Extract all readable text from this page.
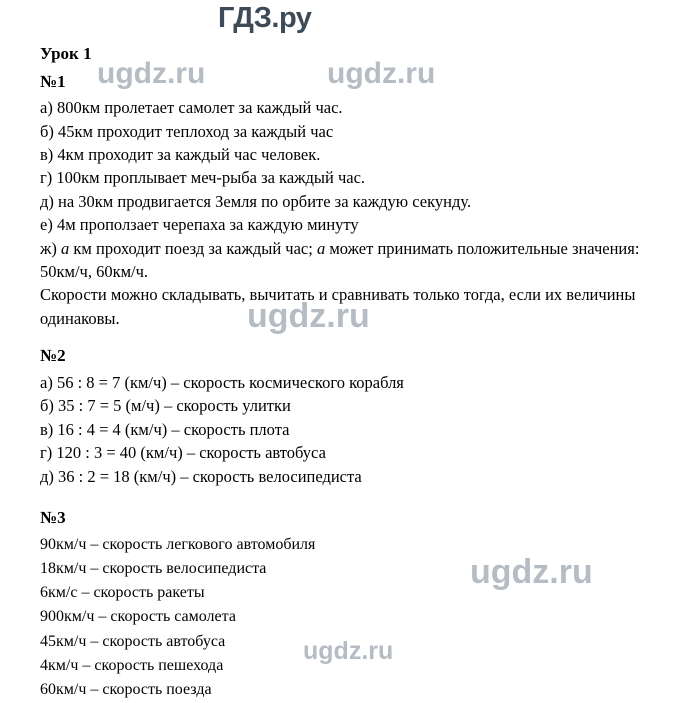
ГДЗ.ру
ugdz.ru	ugdz.ru
ugdz.ru
ugdz.ru
ugdz.ru
Урок 1
№1

а) 800км пролетает самолет за каждый час.

б) 45км проходит теплоход за каждый час

в) 4км проходит за каждый час человек.

г) 100км проплывает меч-рыба за каждый час.

д) на 30км продвигается Земля по орбите за каждую секунду.

е) 4м проползает черепаха за каждую минуту

ж) а км проходит поезд за каждый час; а может принимать положительные значения: 50км/ч, 60км/ч.

Скорости можно складывать, вычитать и сравнивать только тогда, если их величины одинаковы.

№2

а) 56 : 8 = 7 (км/ч) – скорость космического корабля

б) 35 : 7 = 5 (м/ч) – скорость улитки

в) 16 : 4 = 4 (км/ч) – скорость плота

г) 120 : 3 = 40 (км/ч) – скорость автобуса

д) 36 : 2 = 18 (км/ч) – скорость велосипедиста

№3

90км/ч – скорость легкового автомобиля

18км/ч – скорость велосипедиста

6км/с – скорость ракеты

900км/ч – скорость самолета

45км/ч – скорость автобуса

4км/ч – скорость пешехода

60км/ч – скорость поезда
